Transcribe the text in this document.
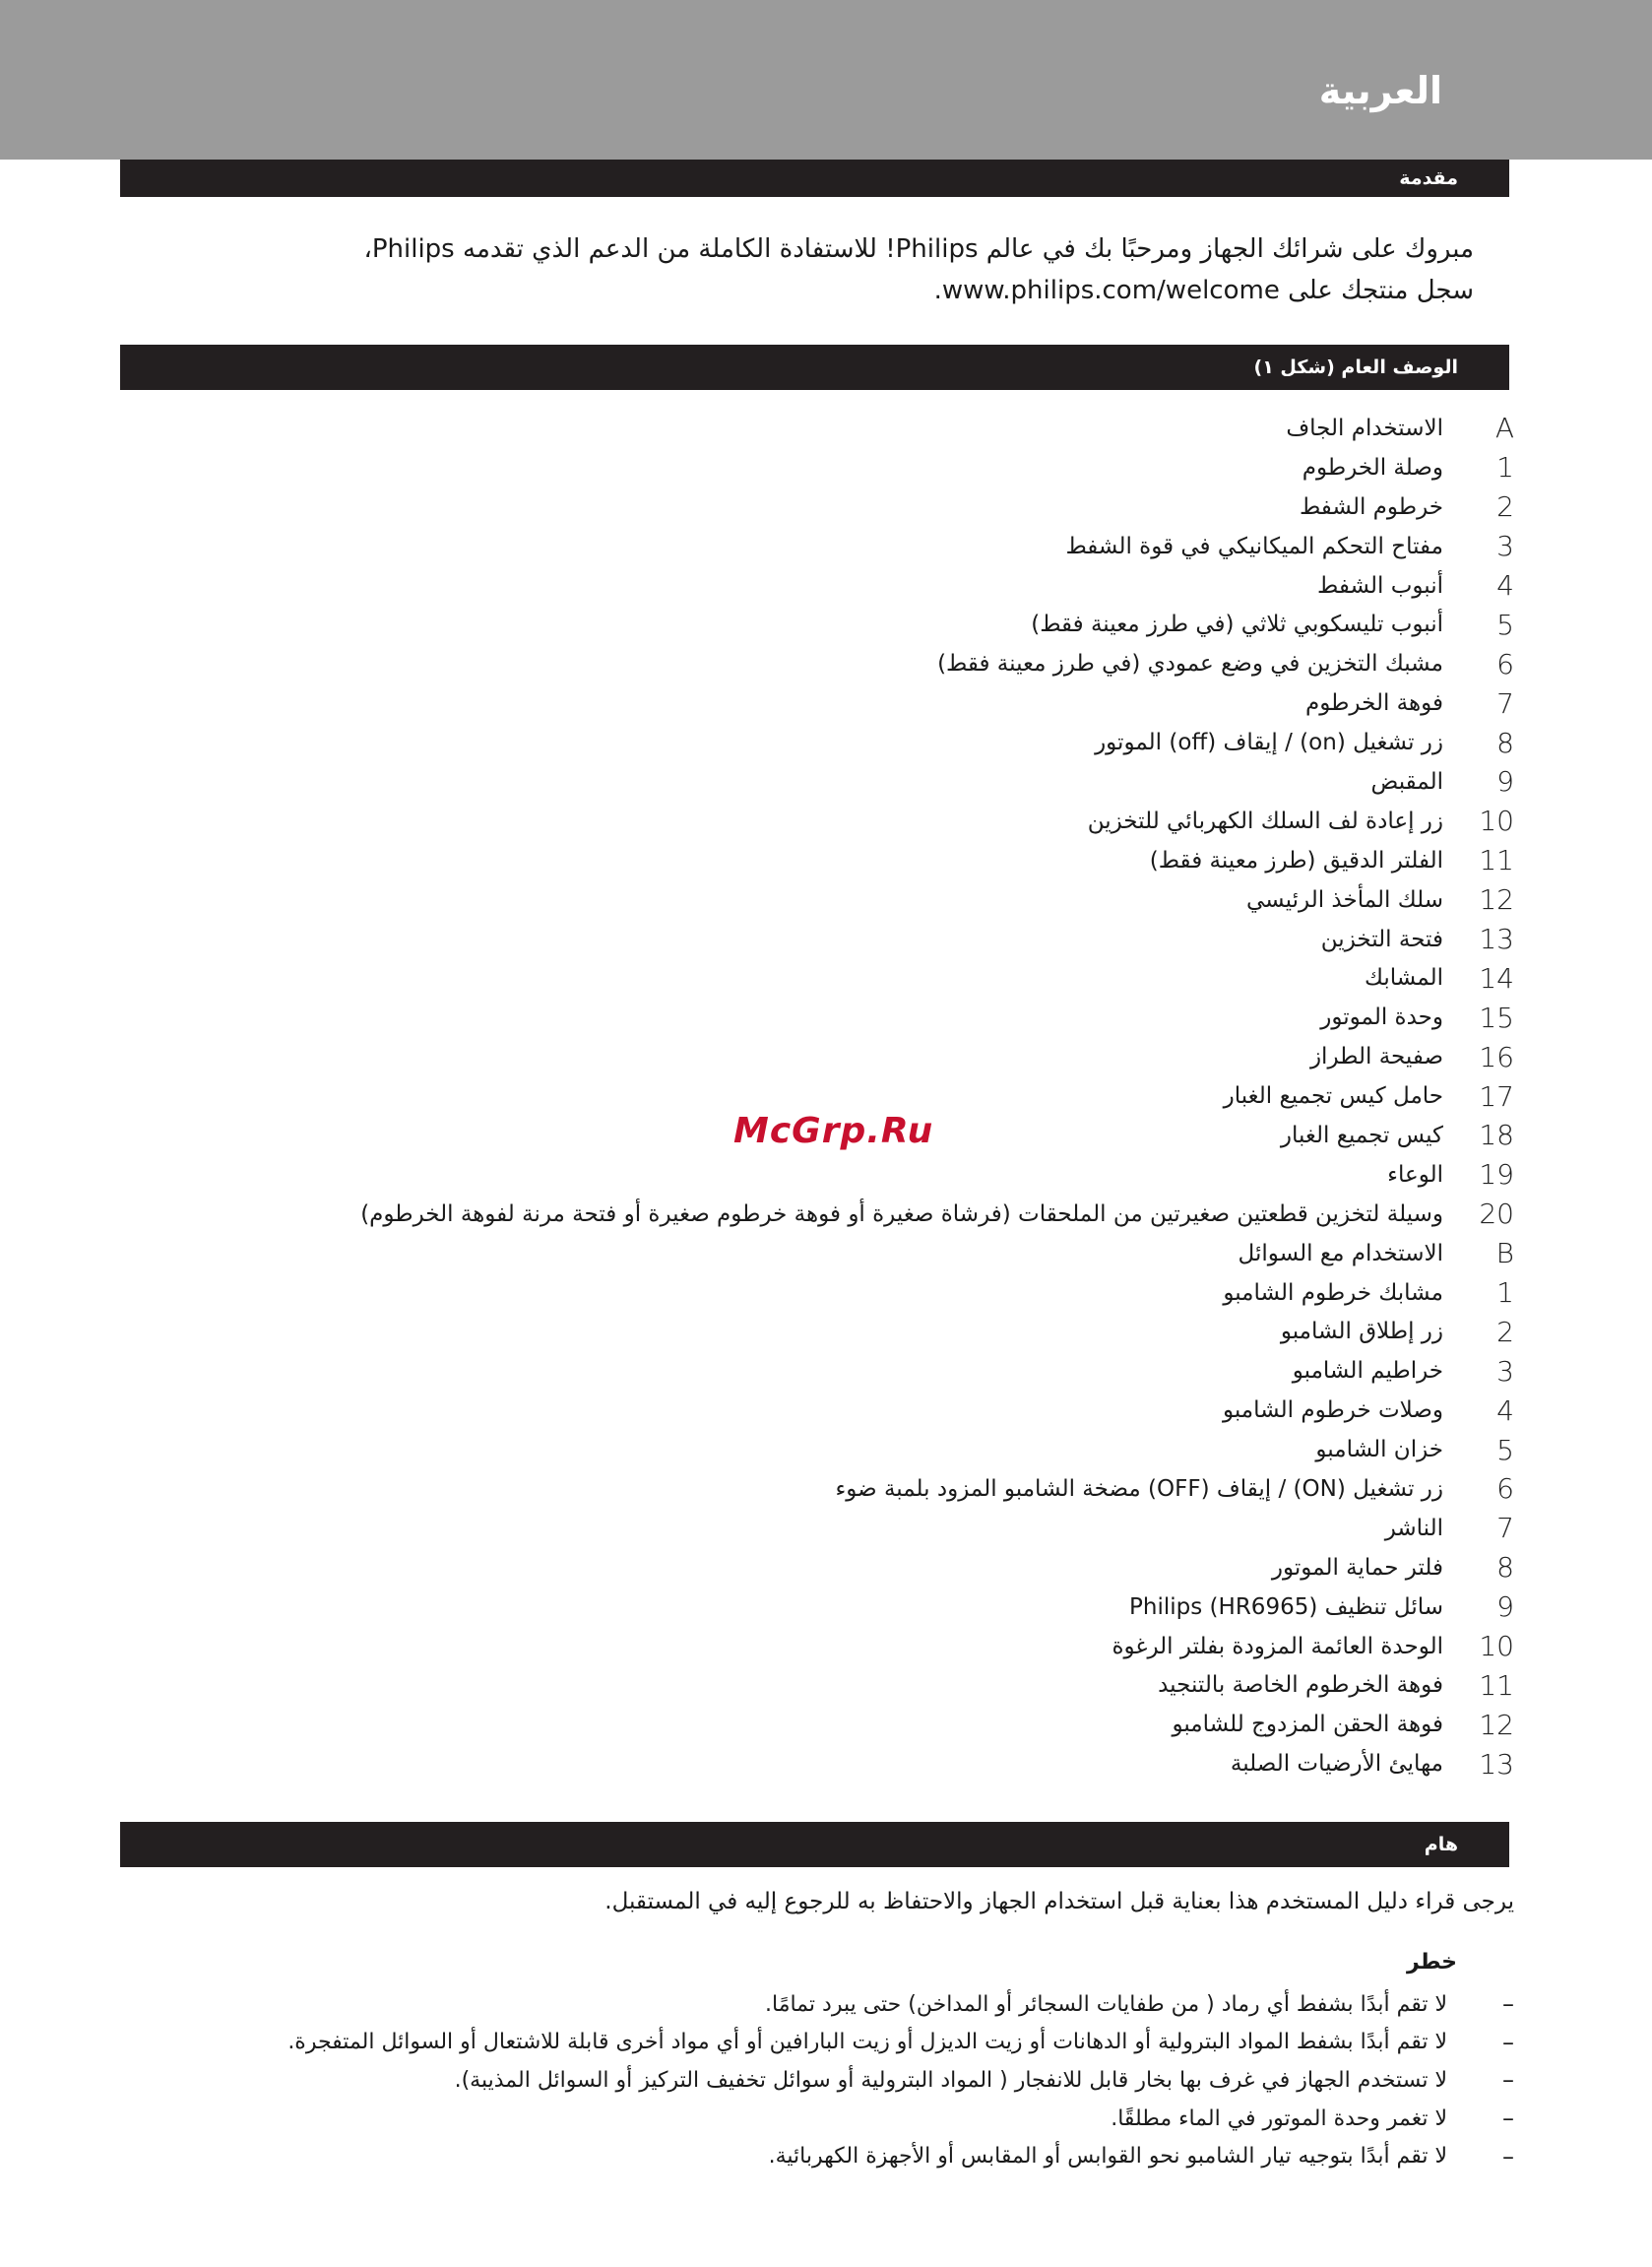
العربية
مقدمة
مبروك على شرائك الجهاز ومرحبًا بك في عالم Philips! للاستفادة الكاملة من الدعم الذي تقدمه Philips، سجل منتجك على www.philips.com/welcome.
الوصف العام (شكل ١)
A
الاستخدام الجاف
1
وصلة الخرطوم
2
خرطوم الشفط
3
مفتاح التحكم الميكانيكي في قوة الشفط
4
أنبوب الشفط
5
أنبوب تليسكوبي ثلاثي (في طرز معينة فقط)
6
مشبك التخزين في وضع عمودي (في طرز معينة فقط)
7
فوهة الخرطوم
8
زر تشغيل (on) / إيقاف (off) الموتور
9
المقبض
10
زر إعادة لف السلك الكهربائي للتخزين
11
الفلتر الدقيق (طرز معينة فقط)
12
سلك المأخذ الرئيسي
13
فتحة التخزين
14
المشابك
15
وحدة الموتور
16
صفيحة الطراز
17
حامل كيس تجميع الغبار
18
كيس تجميع الغبار
19
الوعاء
20
وسيلة لتخزين قطعتين صغيرتين من الملحقات (فرشاة صغيرة أو فوهة خرطوم صغيرة أو فتحة مرنة لفوهة الخرطوم)
B
الاستخدام مع السوائل
1
مشابك خرطوم الشامبو
2
زر إطلاق الشامبو
3
خراطيم الشامبو
4
وصلات خرطوم الشامبو
5
خزان الشامبو
6
زر تشغيل (ON) / إيقاف (OFF) مضخة الشامبو المزود بلمبة ضوء
7
الناشر
8
فلتر حماية الموتور
9
سائل تنظيف (HR6965) Philips
10
الوحدة العائمة المزودة بفلتر الرغوة
11
فوهة الخرطوم الخاصة بالتنجيد
12
فوهة الحقن المزدوج للشامبو
13
مهايئ الأرضيات الصلبة
McGrp.Ru
هام
يرجى قراء دليل المستخدم هذا بعناية قبل استخدام الجهاز والاحتفاظ به للرجوع إليه في المستقبل.
خطر
–
لا تقم أبدًا بشفط أي رماد ( من طفايات السجائر أو المداخن) حتى يبرد تمامًا.
–
لا تقم أبدًا بشفط المواد البترولية أو الدهانات أو زيت الديزل أو زيت البارافين أو أي مواد أخرى قابلة للاشتعال أو السوائل المتفجرة.
–
لا تستخدم الجهاز في غرف بها بخار قابل للانفجار ( المواد البترولية أو سوائل تخفيف التركيز أو السوائل المذيبة).
–
لا تغمر وحدة الموتور في الماء مطلقًا.
–
لا تقم أبدًا بتوجيه تيار الشامبو نحو القوابس أو المقابس أو الأجهزة الكهربائية.
